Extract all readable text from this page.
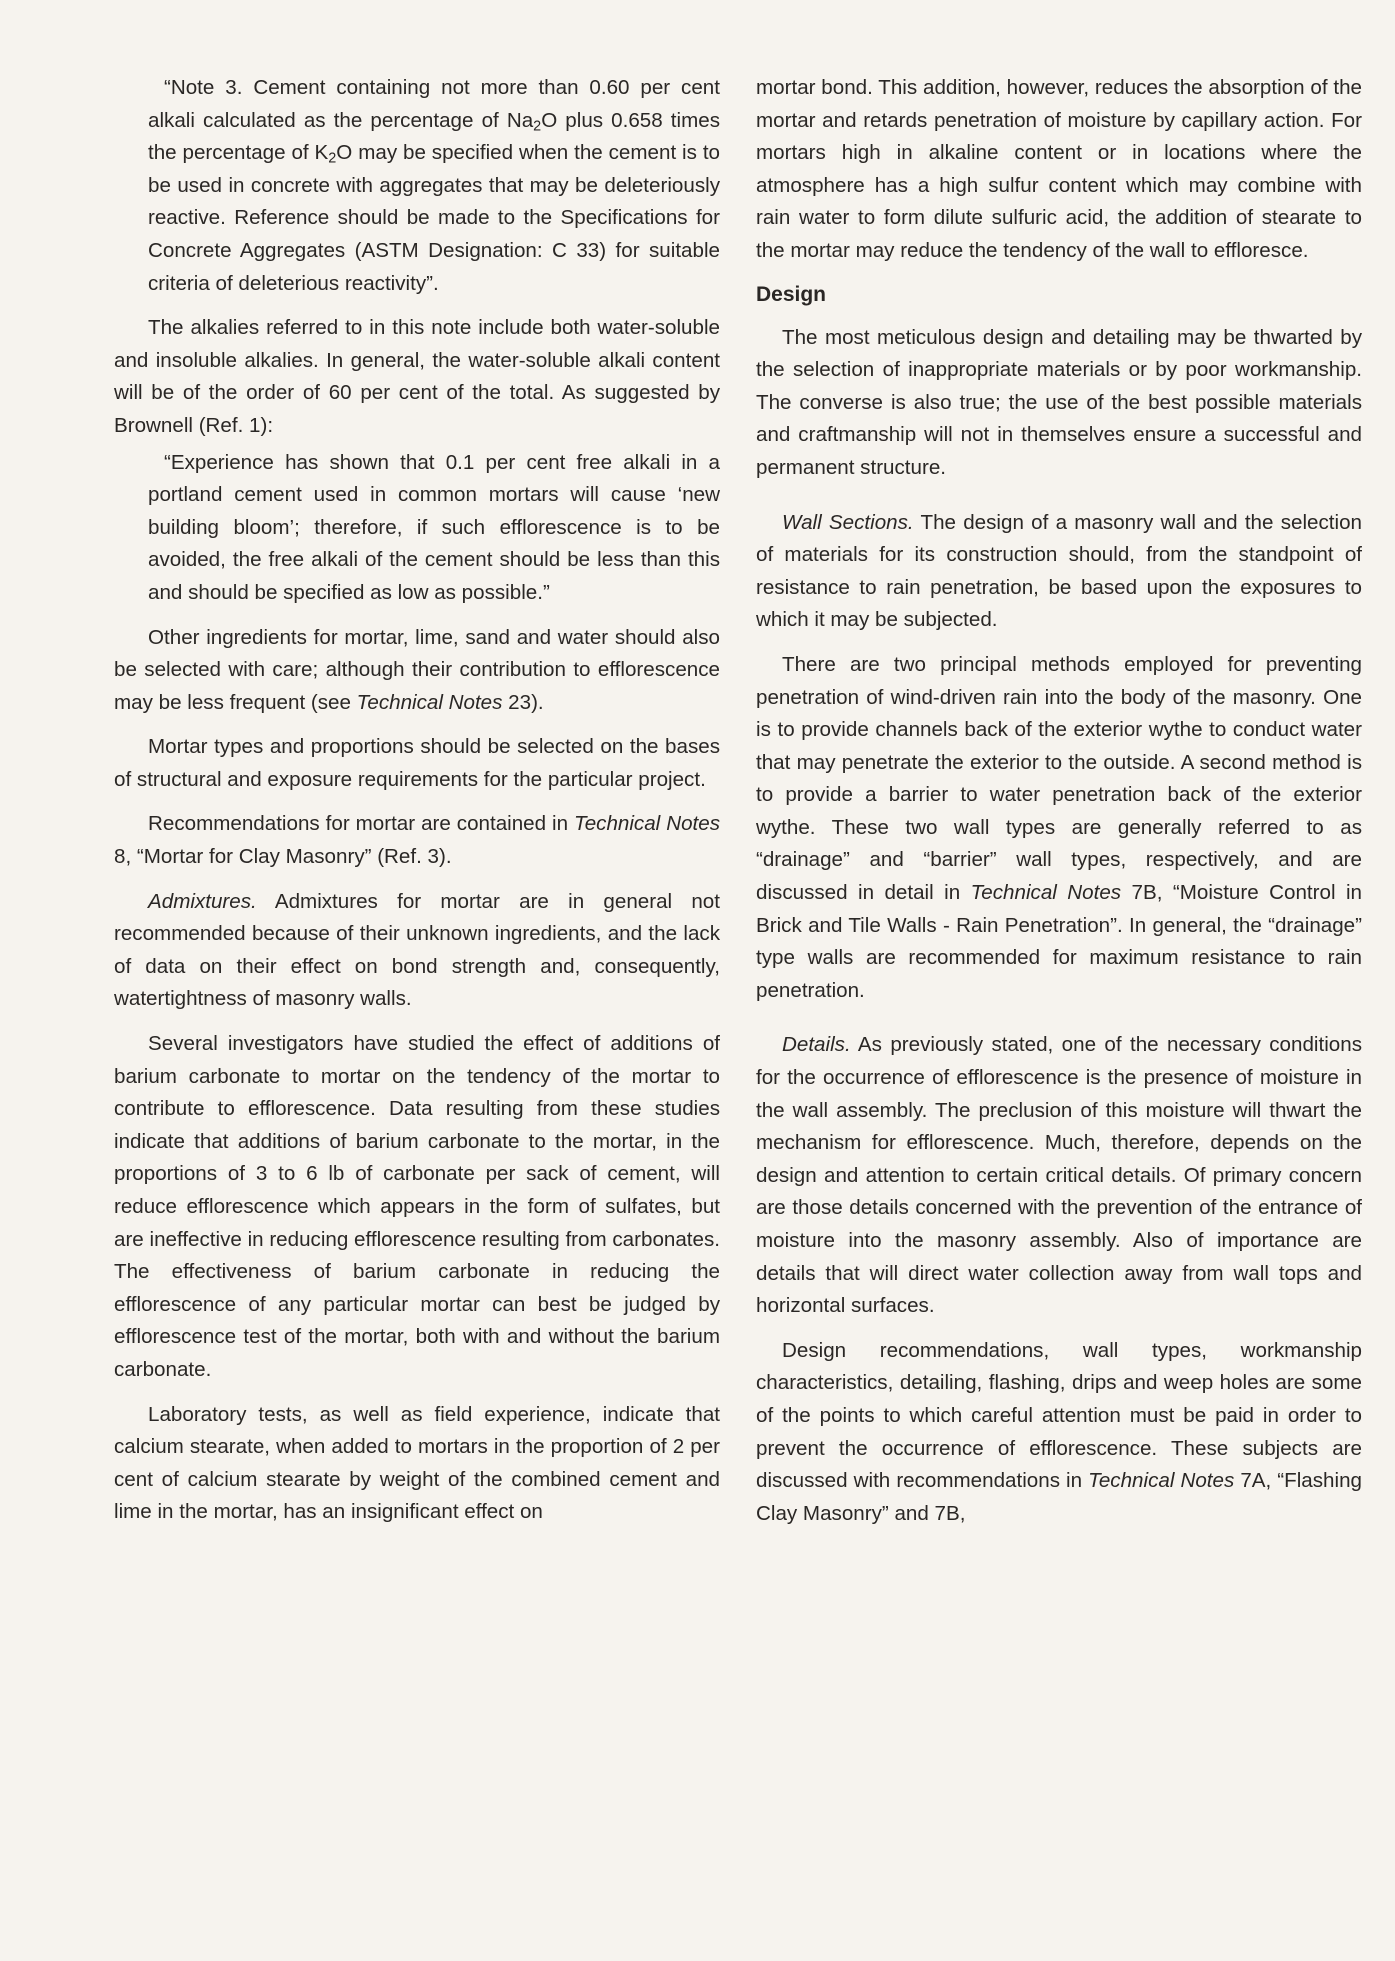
“Note 3. Cement containing not more than 0.60 per cent alkali calculated as the percentage of $Na_2O$ plus 0.658 times the percentage of $K_2O$ may be specified when the cement is to be used in concrete with aggregates that may be deleteriously reactive. Reference should be made to the Specifications for Concrete Aggregates (ASTM Designation: C 33) for suitable criteria of deleterious reactivity”.

The alkalies referred to in this note include both water-soluble and insoluble alkalies. In general, the water-soluble alkali content will be of the order of 60 per cent of the total. As suggested by Brownell (Ref. 1):

“Experience has shown that 0.1 per cent free alkali in a portland cement used in common mortars will cause ‘new building bloom’; therefore, if such efflorescence is to be avoided, the free alkali of the cement should be less than this and should be specified as low as possible.”

Other ingredients for mortar, lime, sand and water should also be selected with care; although their contribution to efflorescence may be less frequent (see Technical Notes 23).

Mortar types and proportions should be selected on the bases of structural and exposure requirements for the particular project.

Recommendations for mortar are contained in Technical Notes 8, “Mortar for Clay Masonry” (Ref. 3).

Admixtures. Admixtures for mortar are in general not recommended because of their unknown ingredients, and the lack of data on their effect on bond strength and, consequently, watertightness of masonry walls.

Several investigators have studied the effect of additions of barium carbonate to mortar on the tendency of the mortar to contribute to efflorescence. Data resulting from these studies indicate that additions of barium carbonate to the mortar, in the proportions of 3 to 6 lb of carbonate per sack of cement, will reduce efflorescence which appears in the form of sulfates, but are ineffective in reducing efflorescence resulting from carbonates. The effectiveness of barium carbonate in reducing the efflorescence of any particular mortar can best be judged by efflorescence test of the mortar, both with and without the barium carbonate.

Laboratory tests, as well as field experience, indicate that calcium stearate, when added to mortars in the proportion of 2 per cent of calcium stearate by weight of the combined cement and lime in the mortar, has an insignificant effect on

mortar bond. This addition, however, reduces the absorption of the mortar and retards penetration of moisture by capillary action. For mortars high in alkaline content or in locations where the atmosphere has a high sulfur content which may combine with rain water to form dilute sulfuric acid, the addition of stearate to the mortar may reduce the tendency of the wall to effloresce.

Design

The most meticulous design and detailing may be thwarted by the selection of inappropriate materials or by poor workmanship. The converse is also true; the use of the best possible materials and craftmanship will not in themselves ensure a successful and permanent structure.

Wall Sections. The design of a masonry wall and the selection of materials for its construction should, from the standpoint of resistance to rain penetration, be based upon the exposures to which it may be subjected.

There are two principal methods employed for preventing penetration of wind-driven rain into the body of the masonry. One is to provide channels back of the exterior wythe to conduct water that may penetrate the exterior to the outside. A second method is to provide a barrier to water penetration back of the exterior wythe. These two wall types are generally referred to as “drainage” and “barrier” wall types, respectively, and are discussed in detail in Technical Notes 7B, “Moisture Control in Brick and Tile Walls - Rain Penetration”. In general, the “drainage” type walls are recommended for maximum resistance to rain penetration.

Details. As previously stated, one of the necessary conditions for the occurrence of efflorescence is the presence of moisture in the wall assembly. The preclusion of this moisture will thwart the mechanism for efflorescence. Much, therefore, depends on the design and attention to certain critical details. Of primary concern are those details concerned with the prevention of the entrance of moisture into the masonry assembly. Also of importance are details that will direct water collection away from wall tops and horizontal surfaces.

Design recommendations, wall types, workmanship characteristics, detailing, flashing, drips and weep holes are some of the points to which careful attention must be paid in order to prevent the occurrence of efflorescence. These subjects are discussed with recommendations in Technical Notes 7A, “Flashing Clay Masonry” and 7B,
